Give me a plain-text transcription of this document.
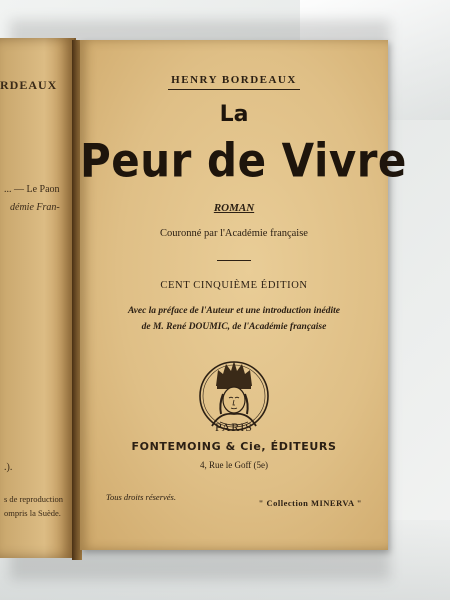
RDEAUX
... — Le Paon
démie Fran-
.).
s de reproduction
ompris la Suède.
HENRY BORDEAUX
La
Peur de Vivre
ROMAN
Couronné par l'Académie française
CENT CINQUIÈME ÉDITION
Avec la préface de l'Auteur et une introduction inédite
de M. René DOUMIC, de l'Académie française
PARIS
FONTEMOING & Cie, ÉDITEURS
4, Rue le Goff (5e)
Tous droits réservés.
" Collection MINERVA "
